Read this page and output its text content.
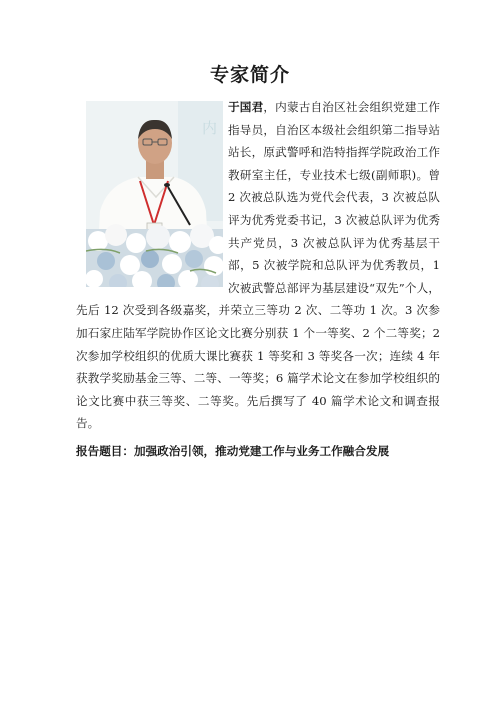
专家简介
内

于国君，内蒙古自治区社会组织党建工作指导员，自治区本级社会组织第二指导站站长，原武警呼和浩特指挥学院政治工作教研室主任，专业技术七级(副师职)。曾 2 次被总队选为党代会代表，3 次被总队评为优秀党委书记，3 次被总队评为优秀共产党员，3 次被总队评为优秀基层干部，5 次被学院和总队评为优秀教员，1 次被武警总部评为基层建设“双先”个人，先后 12 次受到各级嘉奖，并荣立三等功 2 次、二等功 1 次。3 次参加石家庄陆军学院协作区论文比赛分别获 1 个一等奖、2 个二等奖；2 次参加学校组织的优质大课比赛获 1 等奖和 3 等奖各一次；连续 4 年获教学奖励基金三等、二等、一等奖；6 篇学术论文在参加学校组织的论文比赛中获三等奖、二等奖。先后撰写了 40 篇学术论文和调查报告。

报告题目：加强政治引领，推动党建工作与业务工作融合发展
